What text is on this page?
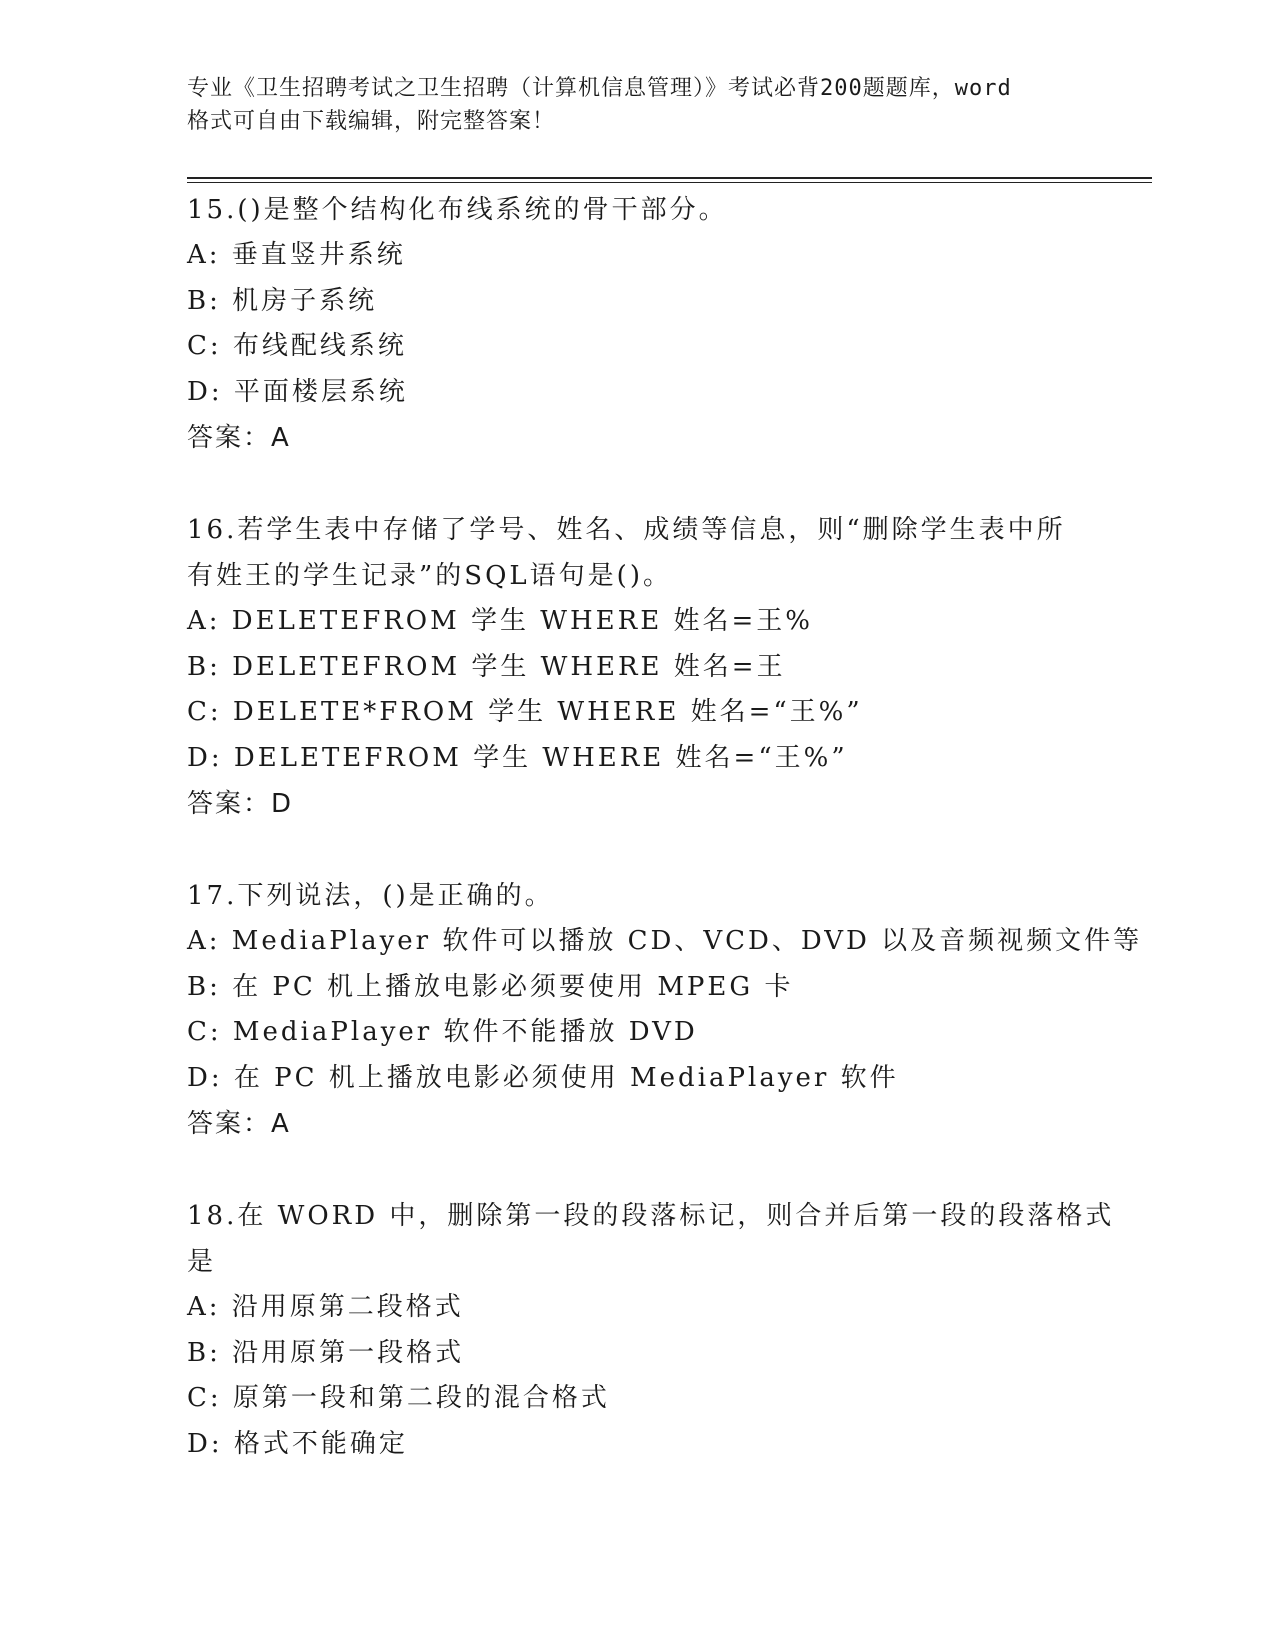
专业《卫生招聘考试之卫生招聘（计算机信息管理）》考试必背200题题库，word
格式可自由下载编辑，附完整答案！
15.()是整个结构化布线系统的骨干部分。
A: 垂直竖井系统
B: 机房子系统
C: 布线配线系统
D: 平面楼层系统
答案：A
16.若学生表中存储了学号、姓名、成绩等信息，则“删除学生表中所
有姓王的学生记录”的SQL语句是()。
A: DELETEFROM 学生 WHERE 姓名=王%
B: DELETEFROM 学生 WHERE 姓名=王
C: DELETE*FROM 学生 WHERE 姓名=“王%”
D: DELETEFROM 学生 WHERE 姓名=“王%”
答案：D
17.下列说法，()是正确的。
A: MediaPlayer 软件可以播放 CD、VCD、DVD 以及音频视频文件等
B: 在 PC 机上播放电影必须要使用 MPEG 卡
C: MediaPlayer 软件不能播放 DVD
D: 在 PC 机上播放电影必须使用 MediaPlayer 软件
答案：A
18.在 WORD 中，删除第一段的段落标记，则合并后第一段的段落格式
是
A: 沿用原第二段格式
B: 沿用原第一段格式
C: 原第一段和第二段的混合格式
D: 格式不能确定
